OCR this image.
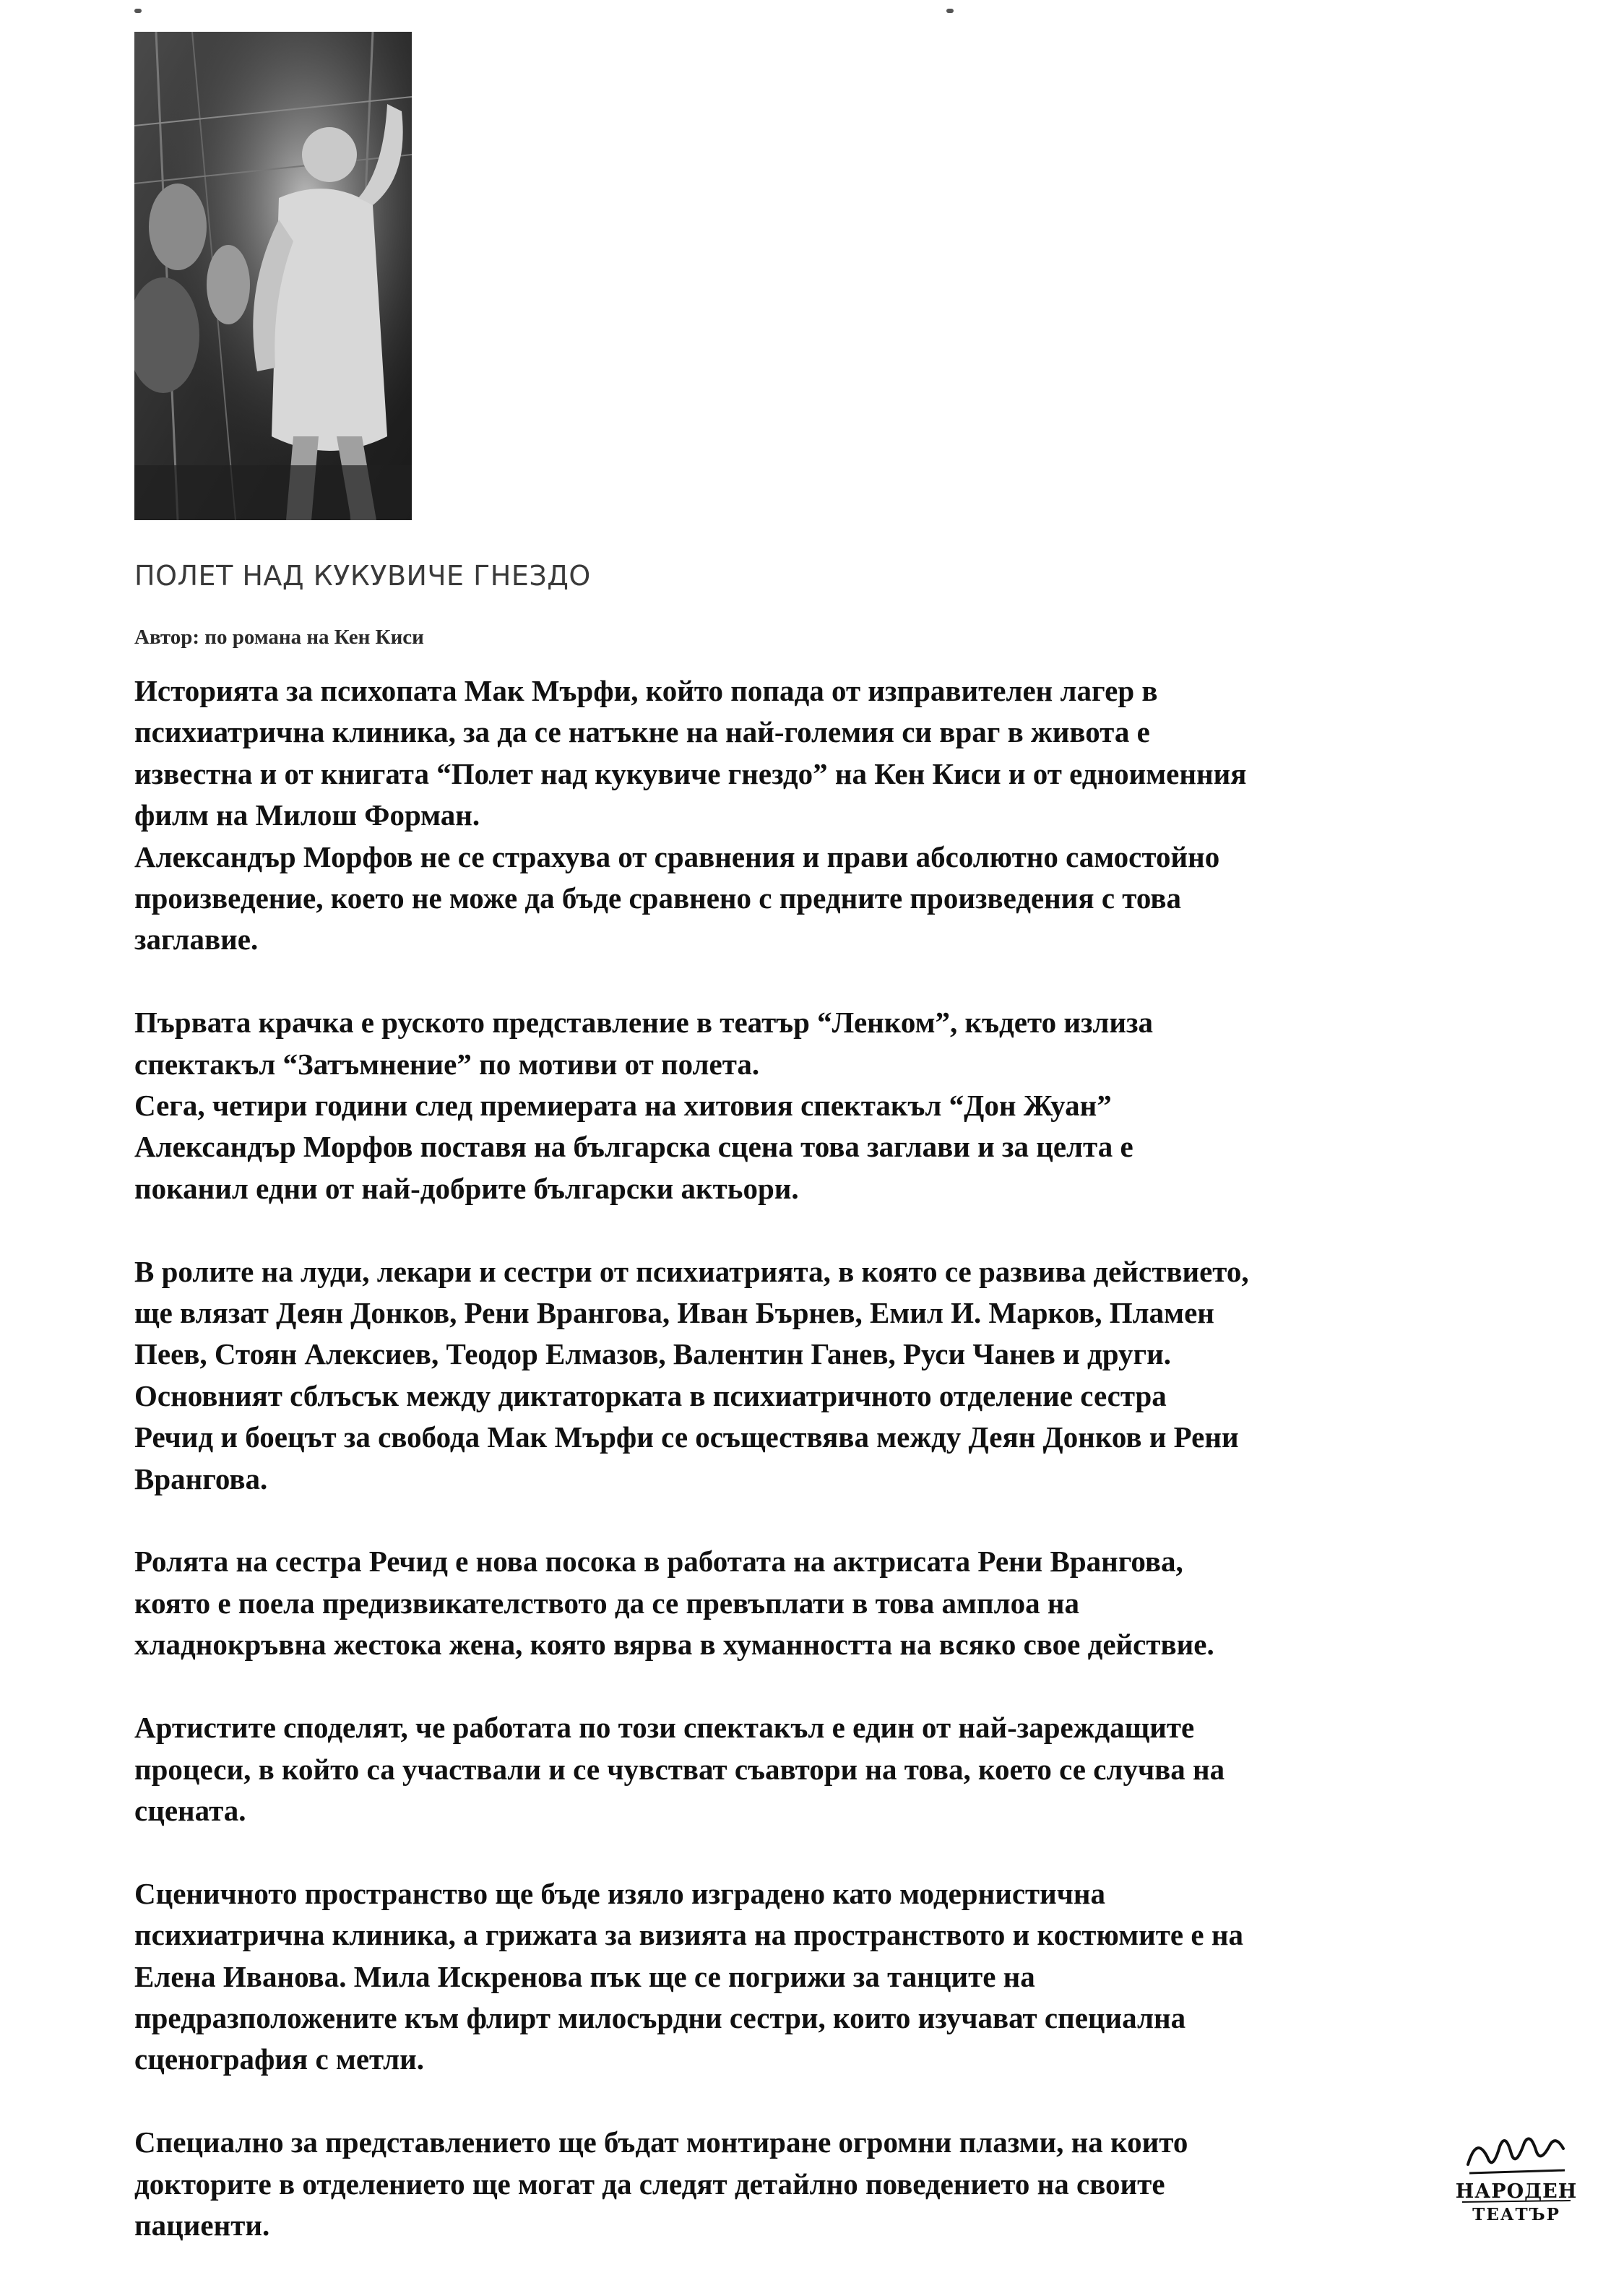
ПОЛЕТ НАД КУКУВИЧЕ ГНЕЗДО
Автор: по романа на Кен Киси

Историята за психопата Мак Мърфи, който попада от изправителен лагер в
психиатрична клиника, за да се натъкне на най-големия си враг в живота е
известна и от книгата “Полет над кукувиче гнездо” на Кен Киси и от едноименния
филм на Милош Форман.
Александър Морфов не се страхува от сравнения и прави абсолютно самостойно
произведение, което не може да бъде сравнено с предните произведения с това
заглавие.

Първата крачка е руското представление в театър “Ленком”, където излиза
спектакъл “Затъмнение” по мотиви от полета.
Сега, четири години след премиерата на хитовия спектакъл “Дон Жуан”
Александър Морфов поставя на българска сцена това заглави и за целта е
поканил едни от най-добрите български актьори.

В ролите на луди, лекари и сестри от психиатрията, в която се развива действието,
ще влязат Деян Донков, Рени Врангова, Иван Бърнев, Емил И. Марков, Пламен
Пеев, Стоян Алексиев, Теодор Елмазов, Валентин Ганев, Руси Чанев и други.
Основният сблъсък между диктаторката в психиатричното отделение сестра
Речид и боецът за свобода Мак Мърфи се осъществява между Деян Донков и Рени
Врангова.

Ролята на сестра Речид е нова посока в работата на актрисата Рени Врангова,
която е поела предизвикателството да се превъплати в това амплоа на
хладнокръвна жестока жена, която вярва в хуманността на всяко свое действие.

Артистите споделят, че работата по този спектакъл е един от най-зареждащите
процеси, в който са участвали и се чувстват съавтори на това, което се случва на
сцената.

Сценичното пространство ще бъде изяло изградено като модернистична
психиатрична клиника, а грижата за визията на пространството и костюмите е на
Елена Иванова. Мила Искренова пък ще се погрижи за танците на
предразположените към флирт милосърдни сестри, които изучават специална
сценография с метли.

Специално за представлението ще бъдат монтиране огромни плазми, на които
докторите в отделението ще могат да следят детайлно поведението на своите
пациенти.

НАРОДЕН
ТЕАТЪР
